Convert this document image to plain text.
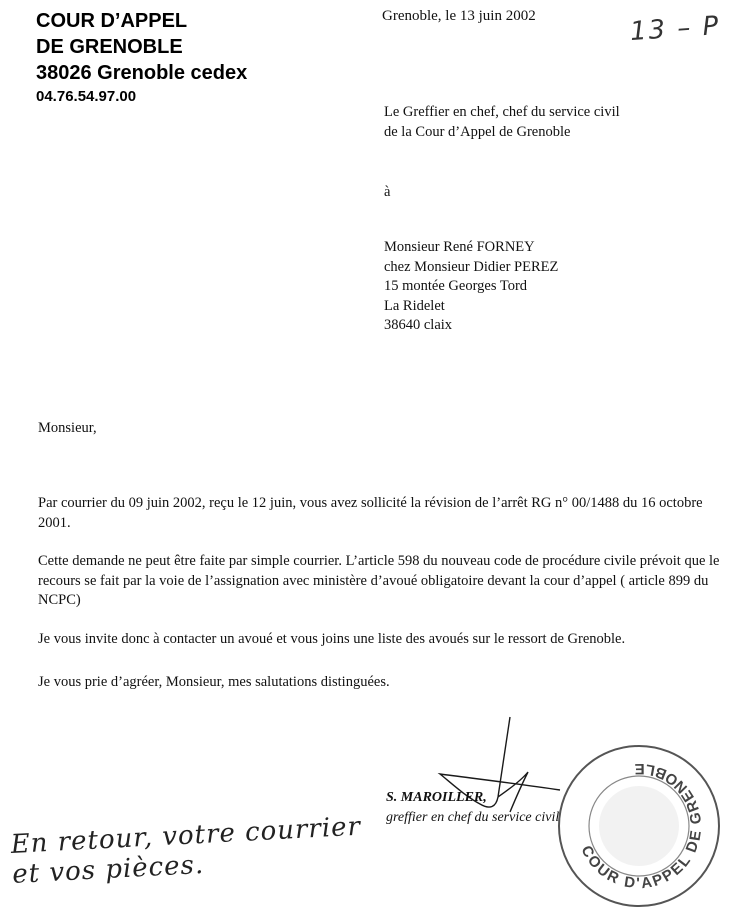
COUR D’APPEL
DE GRENOBLE
38026 Grenoble cedex
04.76.54.97.00
Grenoble, le 13 juin 2002	13 – P
Le Greffier en chef, chef du service civil
de la Cour d’Appel de Grenoble
à
Monsieur René FORNEY
chez Monsieur Didier PEREZ
15 montée Georges Tord
La Ridelet
38640 claix
Monsieur,
Par courrier du 09 juin 2002, reçu le 12 juin, vous avez sollicité la révision de l’arrêt RG n° 00/1488 du 16 octobre 2001.
Cette demande ne peut être faite par simple courrier. L’article 598 du nouveau code de procédure civile prévoit que le recours se fait par la voie de l’assignation avec ministère d’avoué obligatoire devant la cour d’appel ( article 899 du NCPC)
Je vous invite donc à contacter un avoué et vous joins une liste des avoués sur le ressort de Grenoble.
Je vous prie d’agréer, Monsieur, mes salutations distinguées.
COUR D'APPEL DE GRENOBLE
S. MAROILLER,
greffier en chef du service civil
En retour, votre courrier
et vos pièces.
